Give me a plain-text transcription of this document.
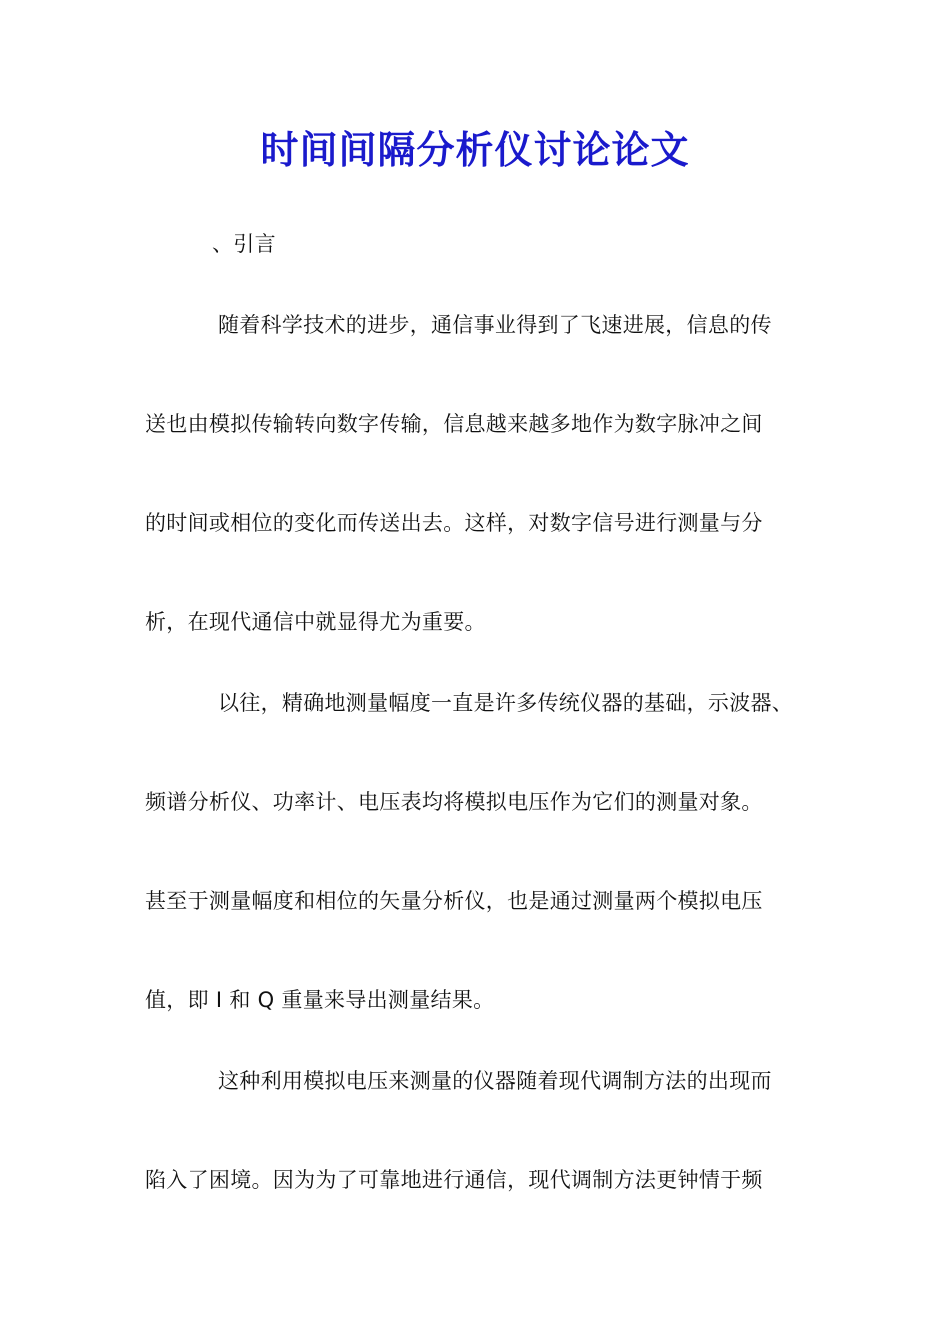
时间间隔分析仪讨论论文
、引言
随着科学技术的进步，通信事业得到了飞速进展，信息的传
送也由模拟传输转向数字传输，信息越来越多地作为数字脉冲之间
的时间或相位的变化而传送出去。这样，对数字信号进行测量与分
析，在现代通信中就显得尤为重要。
以往，精确地测量幅度一直是许多传统仪器的基础，示波器、
频谱分析仪、功率计、电压表均将模拟电压作为它们的测量对象。
甚至于测量幅度和相位的矢量分析仪，也是通过测量两个模拟电压
值，即 I 和 Q 重量来导出测量结果。
这种利用模拟电压来测量的仪器随着现代调制方法的出现而
陷入了困境。因为为了可靠地进行通信，现代调制方法更钟情于频
